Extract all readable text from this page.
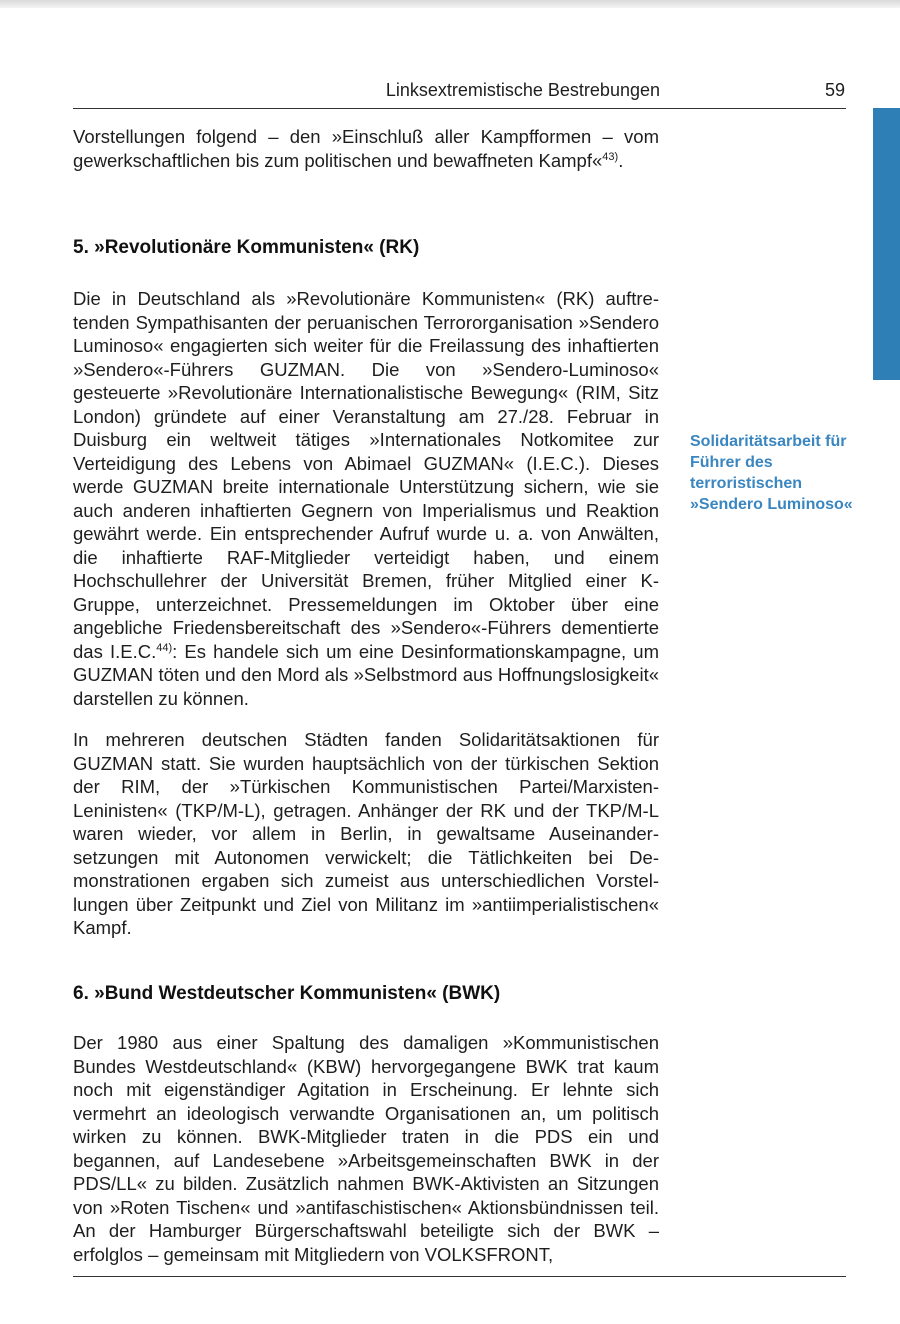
Linksextremistische Bestrebungen	59

Vorstellungen folgend – den »Einschluß aller Kampfformen – vom gewerkschaftlichen bis zum politischen und bewaffneten Kampf«$^{43)}$.

5. »Revolutionäre Kommunisten« (RK)

Die in Deutschland als »Revolutionäre Kommunisten« (RK) auftretenden Sympathisanten der peruanischen Terrororganisation »Sendero Luminoso« engagierten sich weiter für die Freilassung des inhaftierten »Sendero«-Führers GUZMAN. Die von »Sendero-Luminoso« gesteuerte »Revolutionäre Internationalistische Bewegung« (RIM, Sitz London) gründete auf einer Veranstaltung am 27./28. Februar in Duisburg ein weltweit tätiges »Internationales Notkomitee zur Verteidigung des Lebens von Abimael GUZMAN« (I.E.C.). Dieses werde GUZMAN breite internationale Unterstützung sichern, wie sie auch anderen inhaftierten Gegnern von Imperialismus und Reaktion gewährt werde. Ein entsprechender Aufruf wurde u. a. von Anwälten, die inhaftierte RAF-Mitglieder verteidigt haben, und einem Hochschullehrer der Universität Bremen, früher Mitglied einer K-Gruppe, unterzeichnet. Pressemeldungen im Oktober über eine angebliche Friedensbereitschaft des »Sendero«-Führers dementierte das I.E.C.$^{44)}$: Es handele sich um eine Desinformationskampagne, um GUZMAN töten und den Mord als »Selbstmord aus Hoffnungslosigkeit« darstellen zu können.

Solidaritätsarbeit für Führer des terroristischen »Sendero Luminoso«

In mehreren deutschen Städten fanden Solidaritätsaktionen für GUZMAN statt. Sie wurden hauptsächlich von der türkischen Sektion der RIM, der »Türkischen Kommunistischen Partei/Marxisten-Leninisten« (TKP/M-L), getragen. Anhänger der RK und der TKP/M-L waren wieder, vor allem in Berlin, in gewaltsame Auseinandersetzungen mit Autonomen verwickelt; die Tätlichkeiten bei Demonstrationen ergaben sich zumeist aus unterschiedlichen Vorstellungen über Zeitpunkt und Ziel von Militanz im »antiimperialistischen« Kampf.

6. »Bund Westdeutscher Kommunisten« (BWK)

Der 1980 aus einer Spaltung des damaligen »Kommunistischen Bundes Westdeutschland« (KBW) hervorgegangene BWK trat kaum noch mit eigenständiger Agitation in Erscheinung. Er lehnte sich vermehrt an ideologisch verwandte Organisationen an, um politisch wirken zu können. BWK-Mitglieder traten in die PDS ein und begannen, auf Landesebene »Arbeitsgemeinschaften BWK in der PDS/LL« zu bilden. Zusätzlich nahmen BWK-Aktivisten an Sitzungen von »Roten Tischen« und »antifaschistischen« Aktionsbündnissen teil. An der Hamburger Bürgerschaftswahl beteiligte sich der BWK – erfolglos – gemeinsam mit Mitgliedern von VOLKSFRONT,
